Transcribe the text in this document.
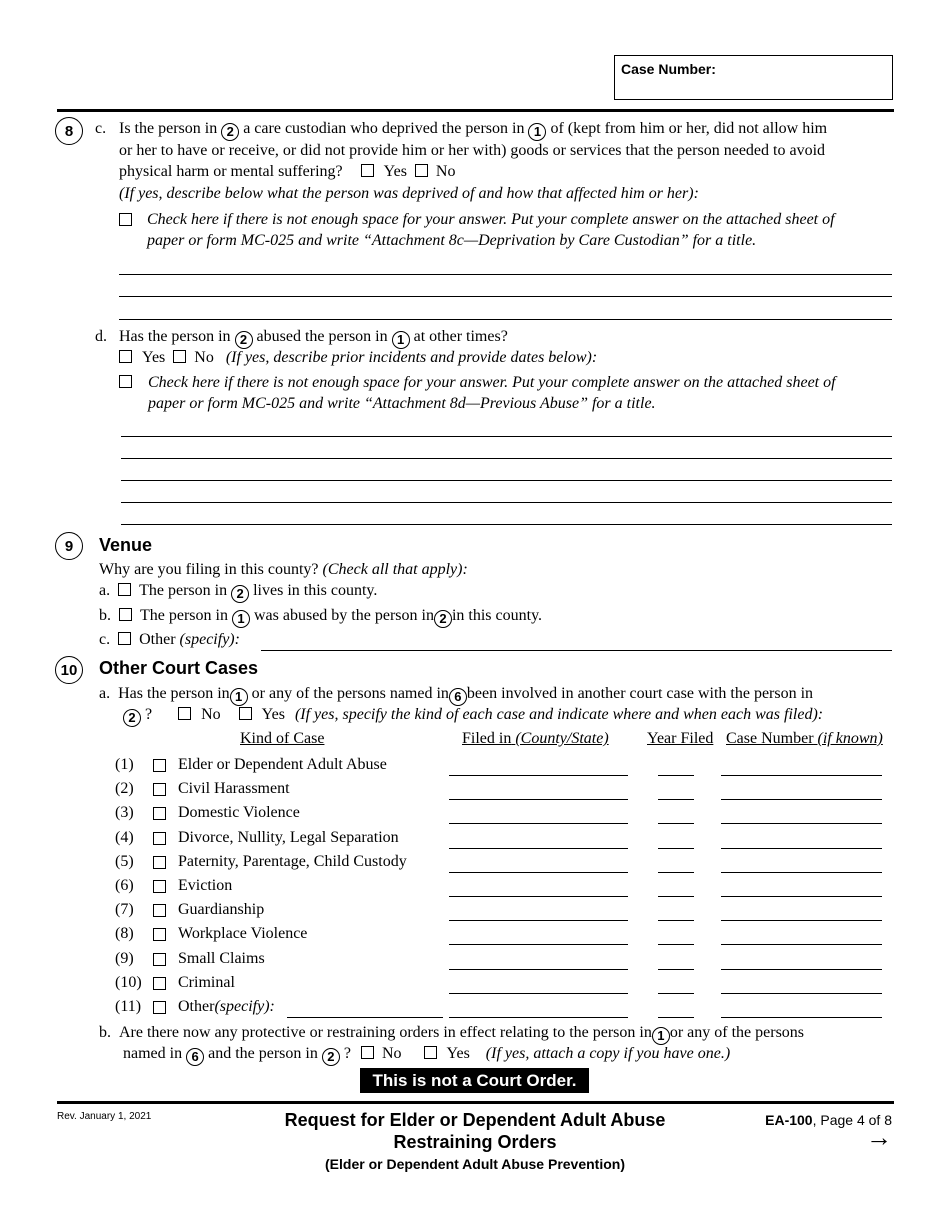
Case Number:
8 c. Is the person in 2 a care custodian who deprived the person in 1 of (kept from him or her, did not allow him
or her to have or receive, or did not provide him or her with) goods or services that the person needed to avoid
physical harm or mental suffering?	Yes No
(If yes, describe below what the person was deprived of and how that affected him or her):
Check here if there is not enough space for your answer. Put your complete answer on the attached sheet of
paper or form MC-025 and write “Attachment 8c—Deprivation by Care Custodian” for a title.
d. Has the person in 2 abused the person in 1 at other times?
Yes No (If yes, describe prior incidents and provide dates below):
Check here if there is not enough space for your answer. Put your complete answer on the attached sheet of
paper or form MC-025 and write “Attachment 8d—Previous Abuse” for a title.
9 Venue
Why are you filing in this county? (Check all that apply):
a. The person in 2 lives in this county.
b. The person in 1 was abused by the person in 2 in this county.
c. Other (specify):
10 Other Court Cases
a. Has the person in 1 or any of the persons named in 6 been involved in another court case with the person in
2 ?	No	Yes (If yes, specify the kind of each case and indicate where and when each was filed):
Kind of Case	Filed in (County/State) Year Filed Case Number (if known)
(1)	Elder or Dependent Adult Abuse
(2)	Civil Harassment
(3)	Domestic Violence
(4)	Divorce, Nullity, Legal Separation
(5)	Paternity, Parentage, Child Custody
(6)	Eviction
(7)	Guardianship
(8)	Workplace Violence
(9)	Small Claims
(10) Criminal
(11) Other(specify):
b. Are there now any protective or restraining orders in effect relating to the person in 1 or any of the persons
named in 6 and the person in 2 ? No	Yes (If yes, attach a copy if you have one.)
This is not a Court Order.
Rev. January 1, 2021	Request for Elder or Dependent Adult Abuse
Restraining Orders
(Elder or Dependent Adult Abuse Prevention)
EA-100, Page 4 of 8
→
